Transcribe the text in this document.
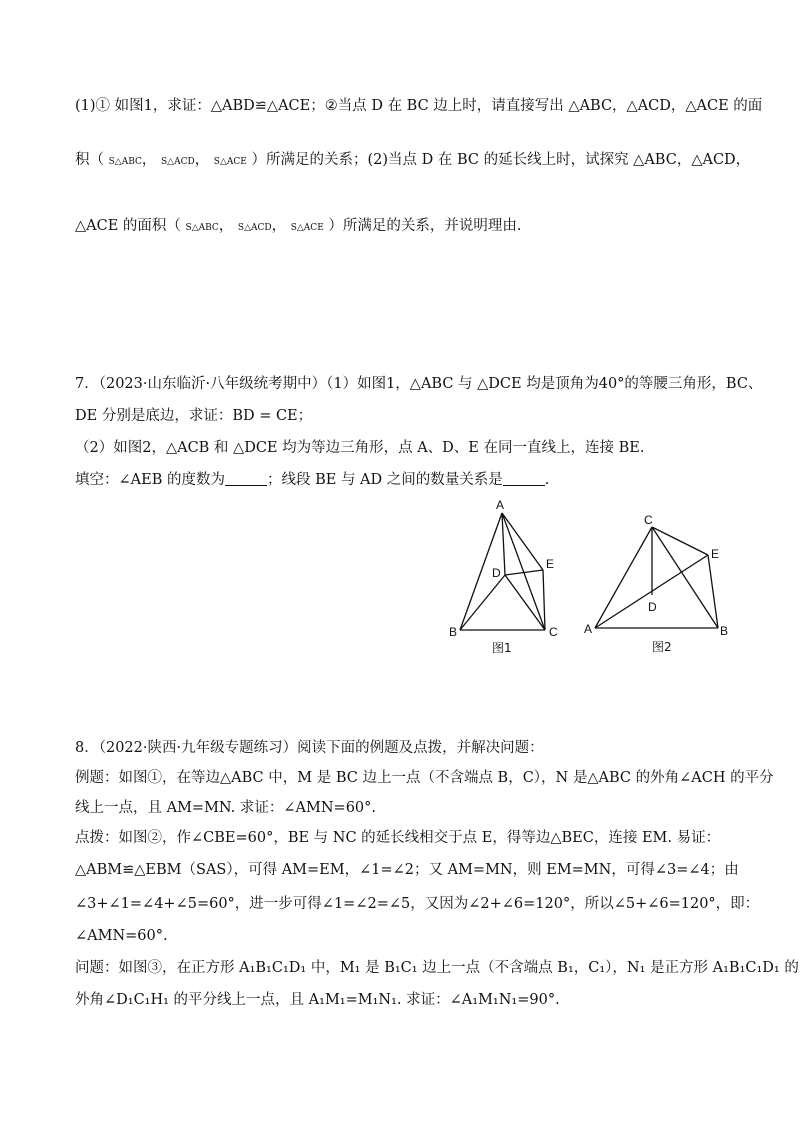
(1)① 如图1，求证：△ABD≌△ACE；②当点 D 在 BC 边上时，请直接写出 △ABC，△ACD，△ACE 的面
积（ S△ABC， S△ACD， S△ACE ）所满足的关系；(2)当点 D 在 BC 的延长线上时，试探究 △ABC，△ACD，
△ACE 的面积（ S△ABC， S△ACD， S△ACE ）所满足的关系，并说明理由.
7．（2023·山东临沂·八年级统考期中）（1）如图1，△ABC 与 △DCE 均是顶角为40°的等腰三角形，BC、
DE 分别是底边，求证：BD = CE；
（2）如图2，△ACB 和 △DCE 均为等边三角形，点 A、D、E 在同一直线上，连接 BE.
填空：∠AEB 的度数为	；线段 BE 与 AD 之间的数量关系是	.
A
B	C
D
E
图1
A	B
C
D
E
图2
8．（2022·陕西·九年级专题练习）阅读下面的例题及点拨，并解决问题：
例题：如图①，在等边△ABC 中，M 是 BC 边上一点（不含端点 B，C），N 是△ABC 的外角∠ACH 的平分
线上一点，且 AM=MN. 求证：∠AMN=60°.
点拨：如图②，作∠CBE=60°，BE 与 NC 的延长线相交于点 E，得等边△BEC，连接 EM. 易证：
△ABM≌△EBM（SAS），可得 AM=EM，∠1=∠2；又 AM=MN，则 EM=MN，可得∠3=∠4；由
∠3+∠1=∠4+∠5=60°，进一步可得∠1=∠2=∠5，又因为∠2+∠6=120°，所以∠5+∠6=120°，即：
∠AMN=60°.
问题：如图③，在正方形 A₁B₁C₁D₁ 中，M₁ 是 B₁C₁ 边上一点（不含端点 B₁，C₁），N₁ 是正方形 A₁B₁C₁D₁ 的
外角∠D₁C₁H₁ 的平分线上一点，且 A₁M₁=M₁N₁. 求证：∠A₁M₁N₁=90°.
